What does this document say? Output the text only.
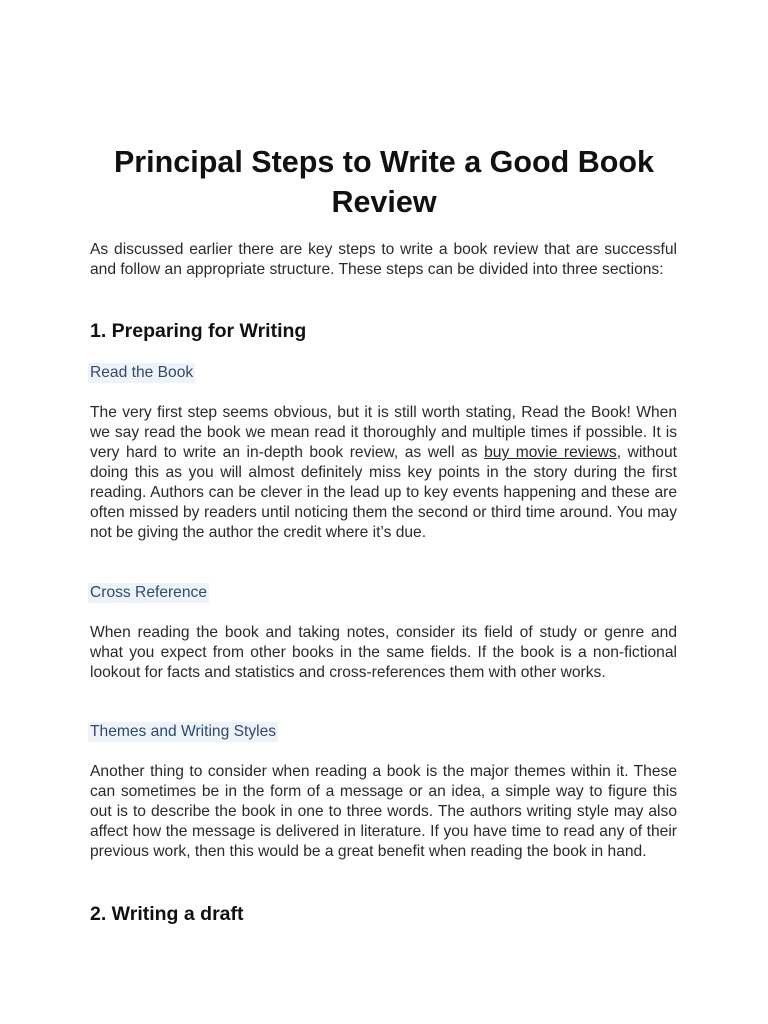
Principal Steps to Write a Good Book Review

As discussed earlier there are key steps to write a book review that are successful and follow an appropriate structure. These steps can be divided into three sections:

1. Preparing for Writing
Read the Book

The very first step seems obvious, but it is still worth stating, Read the Book! When we say read the book we mean read it thoroughly and multiple times if possible. It is very hard to write an in-depth book review, as well as buy movie reviews, without doing this as you will almost definitely miss key points in the story during the first reading. Authors can be clever in the lead up to key events happening and these are often missed by readers until noticing them the second or third time around. You may not be giving the author the credit where it’s due.

Cross Reference

When reading the book and taking notes, consider its field of study or genre and what you expect from other books in the same fields. If the book is a non-fictional lookout for facts and statistics and cross-references them with other works.

Themes and Writing Styles

Another thing to consider when reading a book is the major themes within it. These can sometimes be in the form of a message or an idea, a simple way to figure this out is to describe the book in one to three words. The authors writing style may also affect how the message is delivered in literature. If you have time to read any of their previous work, then this would be a great benefit when reading the book in hand.

2. Writing a draft
